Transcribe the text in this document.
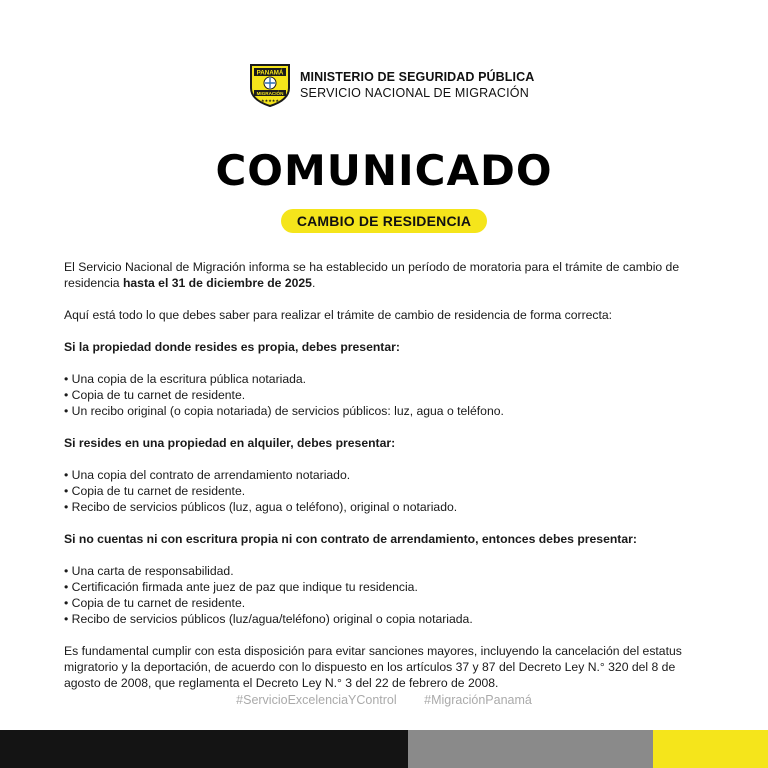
PANAMÁ
MIGRACIÓN
★★★★★
MINISTERIO DE SEGURIDAD PÚBLICA
SERVICIO NACIONAL DE MIGRACIÓN
COMUNICADO
CAMBIO DE RESIDENCIA

El Servicio Nacional de Migración informa se ha establecido un período de moratoria para el trámite de cambio de residencia hasta el 31 de diciembre de 2025.

Aquí está todo lo que debes saber para realizar el trámite de cambio de residencia de forma correcta:

Si la propiedad donde resides es propia, debes presentar:

• Una copia de la escritura pública notariada.
• Copia de tu carnet de residente.
• Un recibo original (o copia notariada) de servicios públicos: luz, agua o teléfono.

Si resides en una propiedad en alquiler, debes presentar:

• Una copia del contrato de arrendamiento notariado.
• Copia de tu carnet de residente.
• Recibo de servicios públicos (luz, agua o teléfono), original o notariado.

Si no cuentas ni con escritura propia ni con contrato de arrendamiento, entonces debes presentar:

• Una carta de responsabilidad.
• Certificación firmada ante juez de paz que indique tu residencia.
• Copia de tu carnet de residente.
• Recibo de servicios públicos (luz/agua/teléfono) original o copia notariada.

Es fundamental cumplir con esta disposición para evitar sanciones mayores, incluyendo la cancelación del estatus migratorio y la deportación, de acuerdo con lo dispuesto en los artículos 37 y 87 del Decreto Ley N.° 320 del 8 de agosto de 2008, que reglamenta el Decreto Ley N.° 3 del 22 de febrero de 2008.

#ServicioExcelenciaYControl #MigraciónPanamá
